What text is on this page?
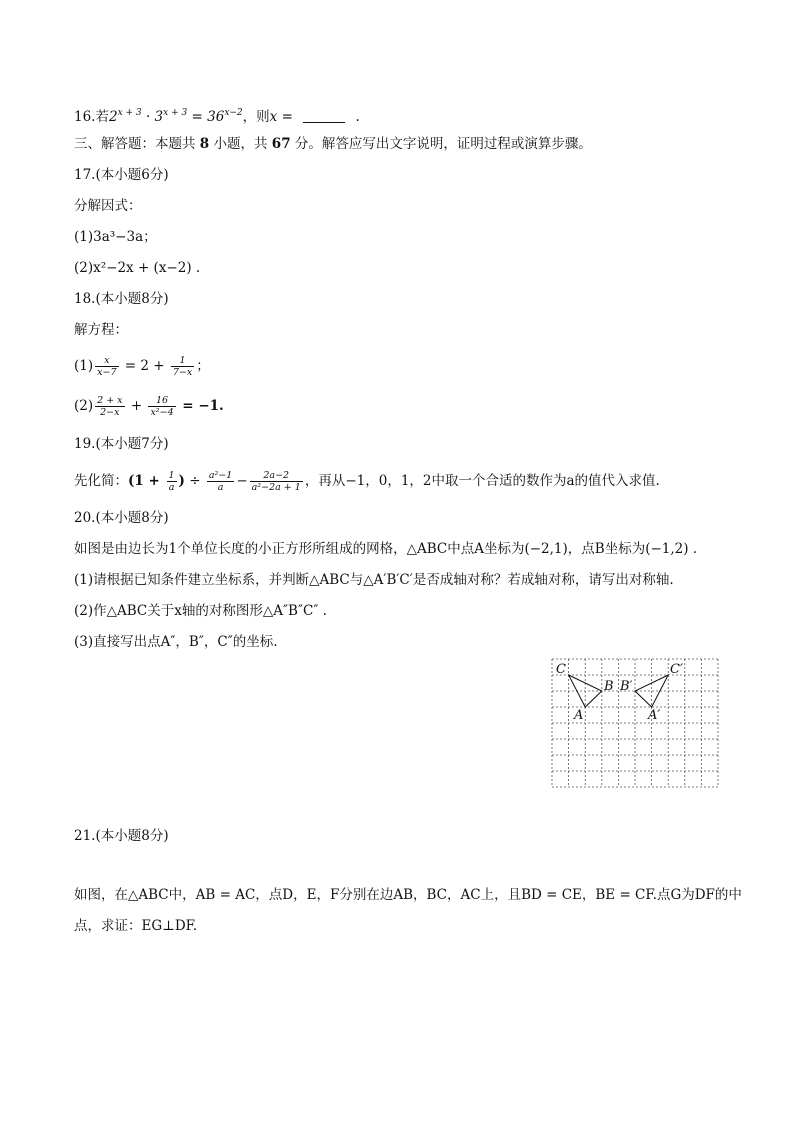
16.若$2^{x + 3} \cdot 3^{x + 3} = 36^{x-2}$，则x =	.
三、解答题：本题共 8 小题，共 67 分。解答应写出文字说明，证明过程或演算步骤。
17.(本小题6分)
分解因式：
(1)3a³−3a；
(2)x²−2x + (x−2) .
18.(本小题8分)
解方程：
$(1) \frac{x}{x-7} = 2 + \frac{1}{7-x}$ ；
$(2) \frac{2 + x}{2-x} + \frac{16}{\text{x²−4}} = -1$.
19.(本小题7分)
先化简：($1 + \frac{1}{a}$ ) ÷ $\frac{\text{a²−1}}{a} - \frac{2a-2}{\text{a²−2a + 1}}$ ，再从−1，0，1，2中取一个合适的数作为a的值代入求值.
20.(本小题8分)
如图是由边长为1个单位长度的小正方形所组成的网格，△ABC中点A坐标为(−2,1)，点B坐标为(−1,2) .
(1)请根据已知条件建立坐标系，并判断△ABC与△A′B′C′是否成轴对称？若成轴对称，请写出对称轴.
(2)作△ABC关于x轴的对称图形△A″B″C″ .
(3)直接写出点A″，B″，C″的坐标.
C
B
A
B′
C′
A′
21.(本小题8分)
如图，在△ABC中，AB = AC，点D，E，F分别在边AB，BC，AC上，且BD = CE，BE = CF.点G为DF的中
点，求证：EG⊥DF.
